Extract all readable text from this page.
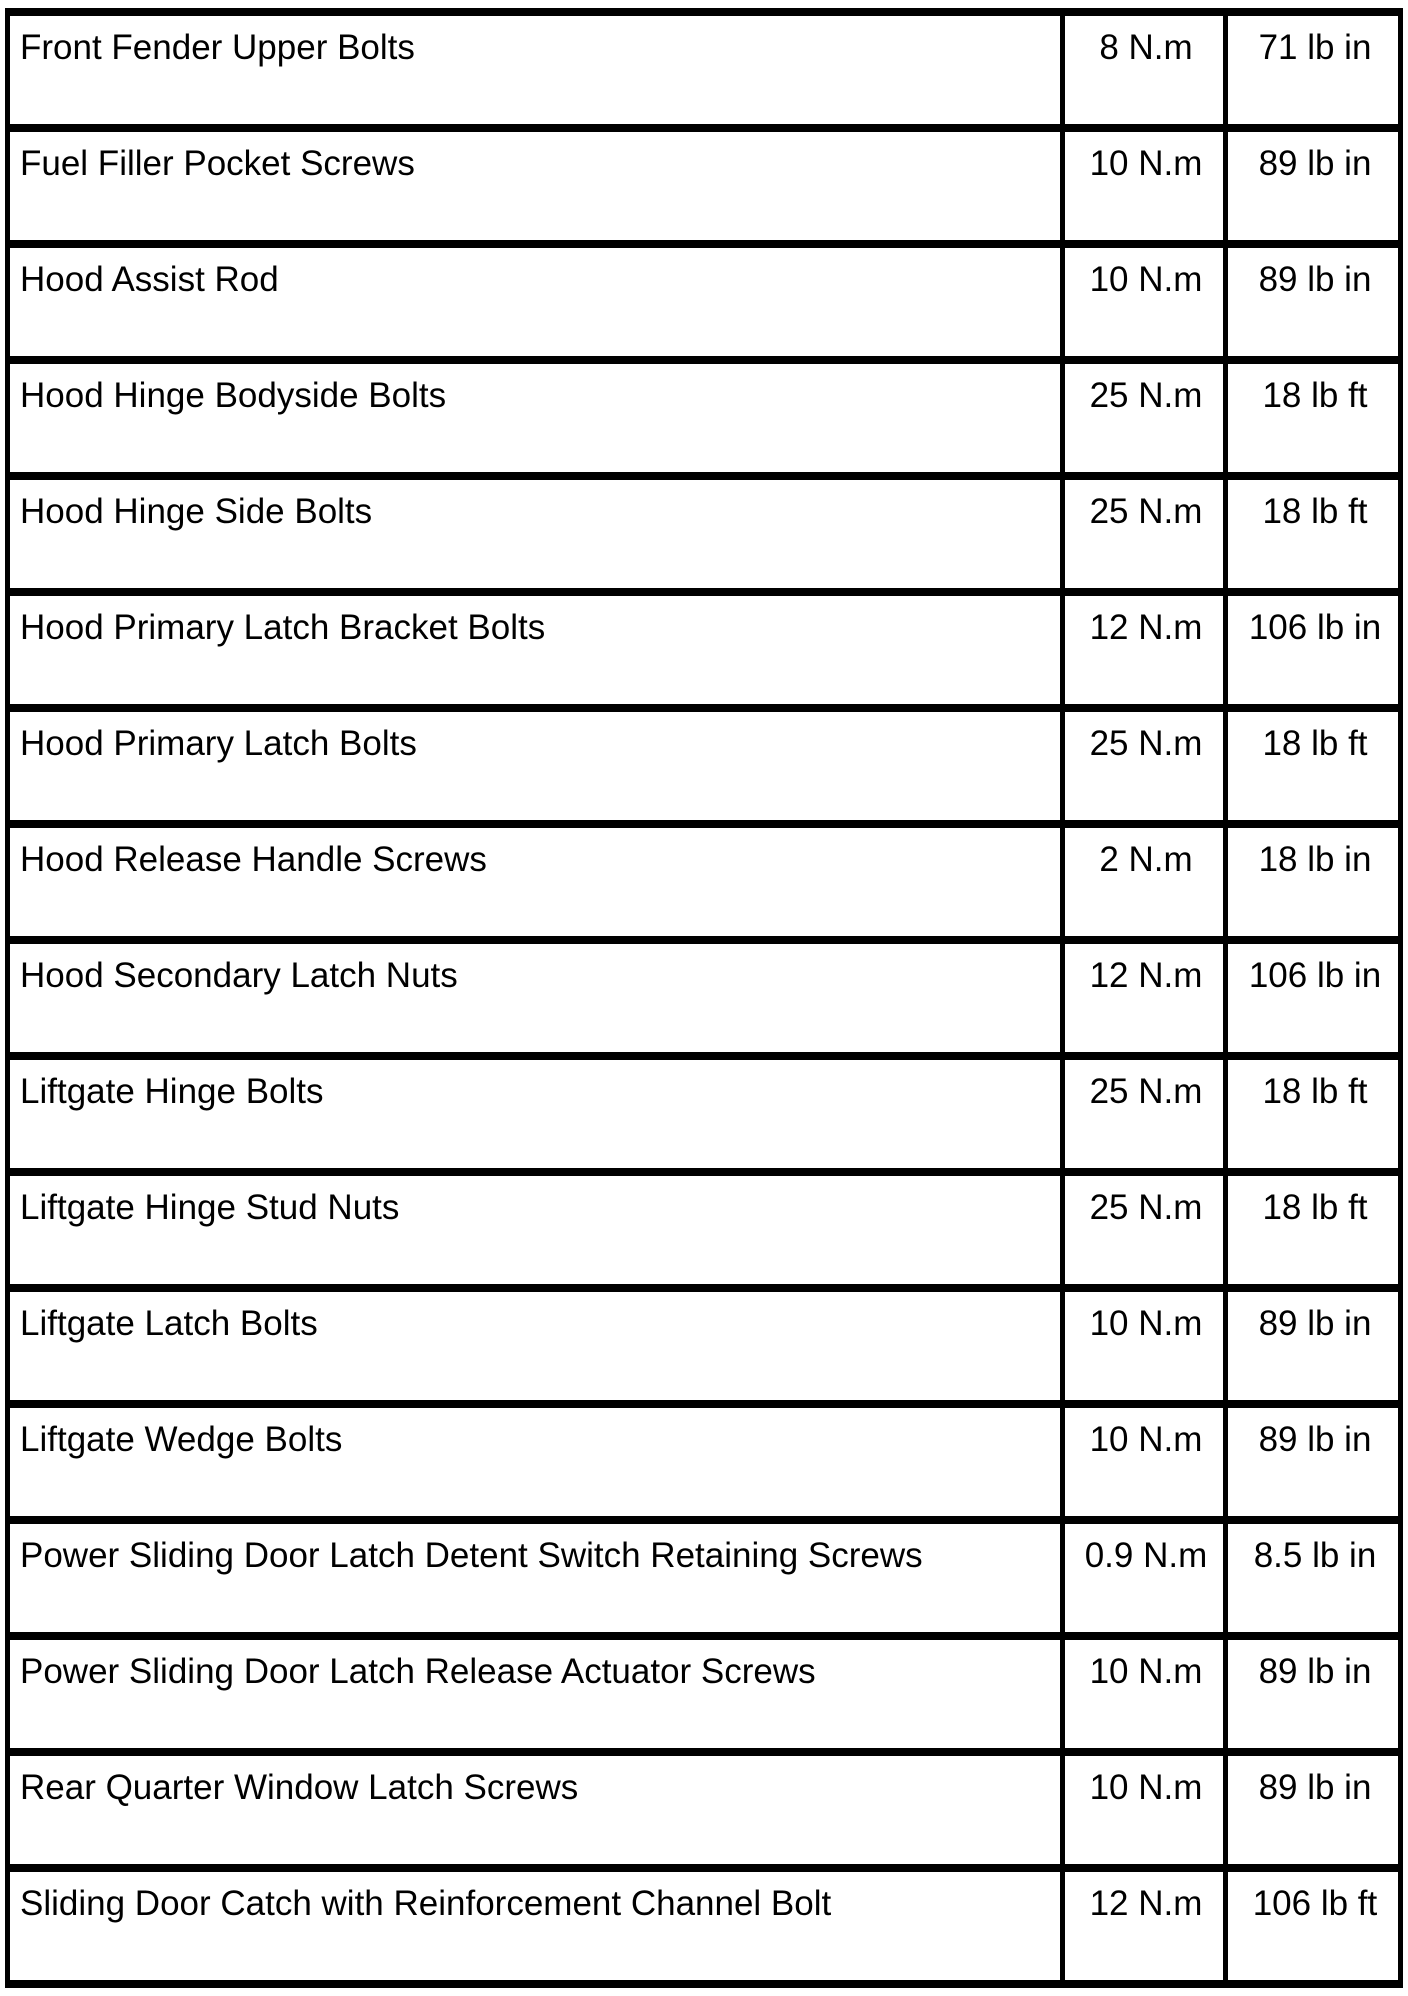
Front Fender Upper Bolts	8 N.m	71 lb in
Fuel Filler Pocket Screws	10 N.m	89 lb in
Hood Assist Rod	10 N.m	89 lb in
Hood Hinge Bodyside Bolts	25 N.m	18 lb ft
Hood Hinge Side Bolts	25 N.m	18 lb ft
Hood Primary Latch Bracket Bolts	12 N.m	106 lb in
Hood Primary Latch Bolts	25 N.m	18 lb ft
Hood Release Handle Screws	2 N.m	18 lb in
Hood Secondary Latch Nuts	12 N.m	106 lb in
Liftgate Hinge Bolts	25 N.m	18 lb ft
Liftgate Hinge Stud Nuts	25 N.m	18 lb ft
Liftgate Latch Bolts	10 N.m	89 lb in
Liftgate Wedge Bolts	10 N.m	89 lb in
Power Sliding Door Latch Detent Switch Retaining Screws	0.9 N.m	8.5 lb in
Power Sliding Door Latch Release Actuator Screws	10 N.m	89 lb in
Rear Quarter Window Latch Screws	10 N.m	89 lb in
Sliding Door Catch with Reinforcement Channel Bolt	12 N.m	106 lb ft
